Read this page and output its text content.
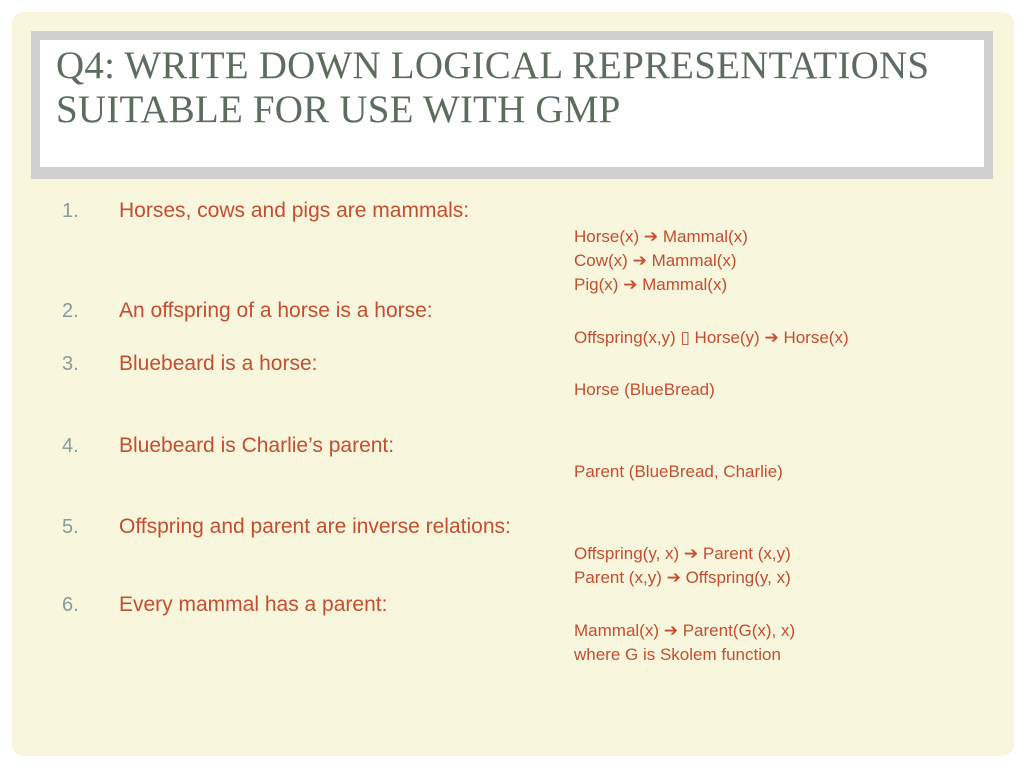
Q4: WRITE DOWN LOGICAL REPRESENTATIONS SUITABLE FOR USE WITH GMP
1.	Horses, cows and pigs are mammals:
Horse(x) ➔ Mammal(x)
Cow(x) ➔ Mammal(x)
Pig(x) ➔ Mammal(x)
2.	An offspring of a horse is a horse:
Offspring(x,y) ▯ Horse(y) ➔ Horse(x)
3.	Bluebeard is a horse:
Horse (BlueBread)
4.	Bluebeard is Charlie’s parent:
Parent (BlueBread, Charlie)
5.	Offspring and parent are inverse relations:
Offspring(y, x) ➔ Parent (x,y)
Parent (x,y) ➔ Offspring(y, x)
6.	Every mammal has a parent:
Mammal(x) ➔ Parent(G(x), x)
where G is Skolem function
